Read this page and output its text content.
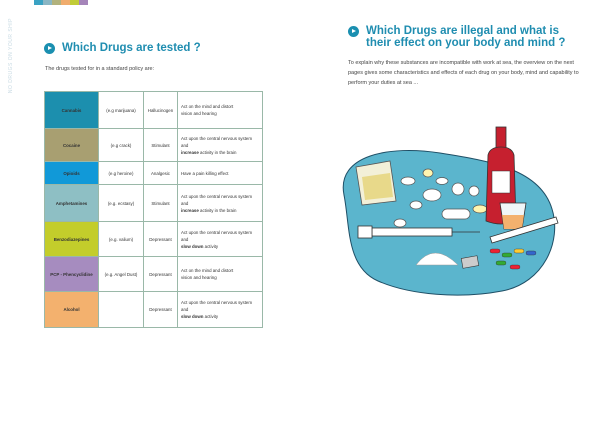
NO DRUGS ON YOUR SHIP	Which Drugs are tested ?
The drugs tested for in a standard policy are:
Cannabis	(e.g marijuana)	Hallucinogen	Act on the mind and distort
vision and hearing
Cocaine	(e.g crack)	Stimulant	Act upon the central nervous system and
increase activity in the brain
Opioids	(e.g heroine)	Analgesic	Have a pain killing effect
Amphetamines	(e.g. ecstasy)	Stimulant	Act upon the central nervous system and
increase activity in the brain
Benzodiazepines	(e.g. valium)	Depressant	Act upon the central nervous system and
slow down activity
PCP - Phencyclidine	(e.g. Angel Dust)	Depressant	Act on the mind and distort
vision and hearing
Alcohol		Depressant	Act upon the central nervous system and
slow down activity
Which Drugs are illegal and what is
their effect on your body and mind ?
To explain why these substances are incompatible with work at sea, the overview on the next pages gives some characteristics and effects of each drug on your body, mind and capability to perform your duties at sea ...
